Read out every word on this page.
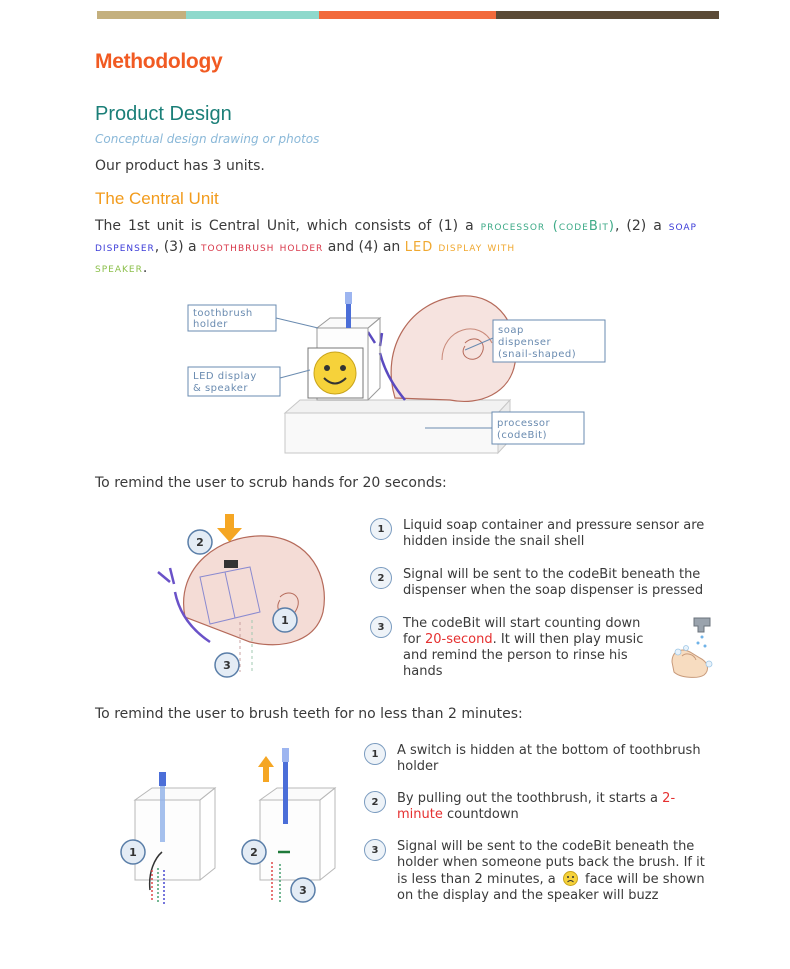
Methodology
Product Design
Conceptual design drawing or photos
Our product has 3 units.
The Central Unit
The 1st unit is Central Unit, which consists of (1) a processor (codeBit), (2) a soap dispenser, (3) a toothbrush holder and (4) an LED display with
speaker.
toothbrush
holder
LED display
& speaker
soap
dispenser
(snail-shaped)
processor
(codeBit)
To remind the user to scrub hands for 20 seconds:
2
1
3
1	Liquid soap container and pressure sensor are hidden inside the snail shell
2	Signal will be sent to the codeBit beneath the dispenser when the soap dispenser is pressed
3	The codeBit will start counting down for 20-second. It will then play music and remind the person to rinse his hands
To remind the user to brush teeth for no less than 2 minutes:
1	2
3
1	A switch is hidden at the bottom of toothbrush holder
2	By pulling out the toothbrush, it starts a 2-minute countdown
3	Signal will be sent to the codeBit beneath the holder when someone puts back the brush. If it is less than 2 minutes, a
face will be shown on the display and the speaker will buzz
